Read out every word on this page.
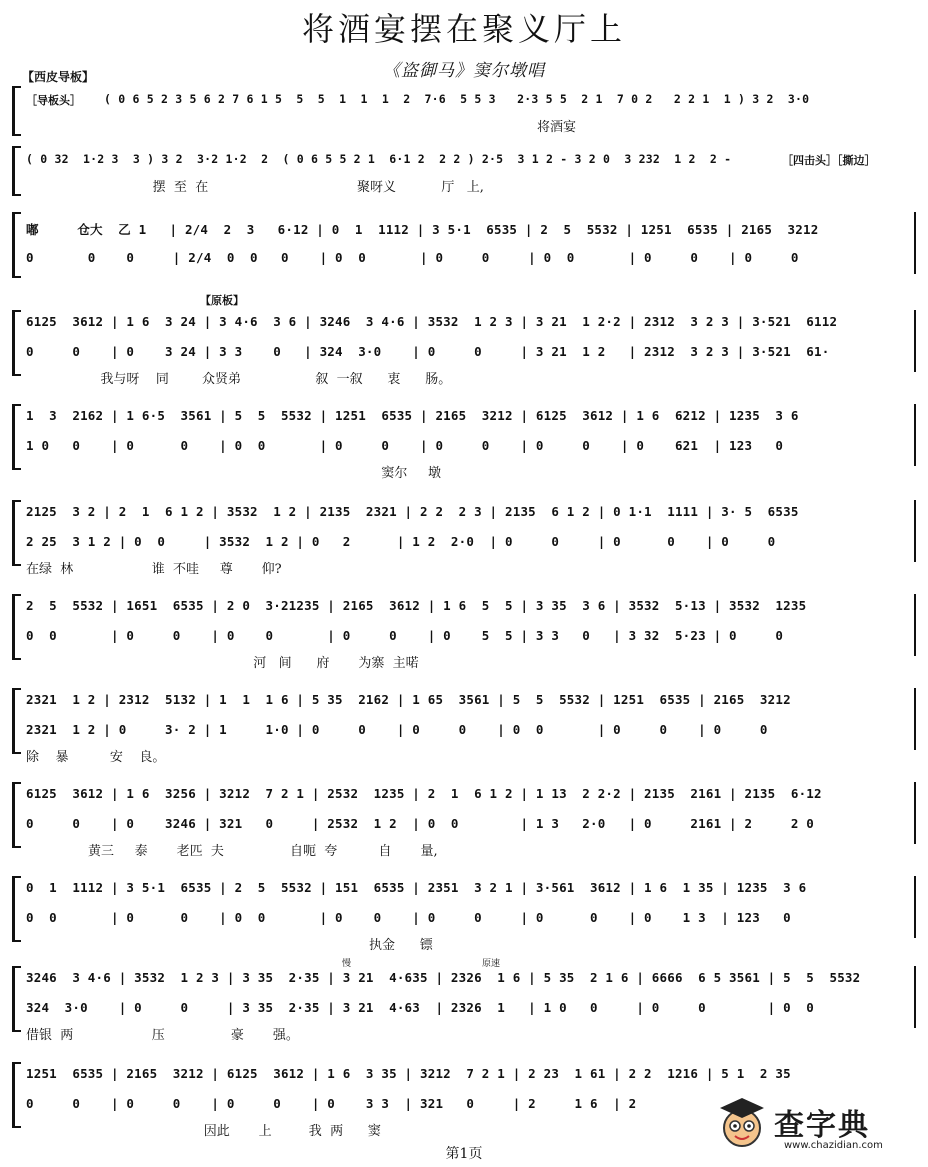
将酒宴摆在聚义厅上
《盗御马》窦尔墩唱
【西皮导板】
［导板头］ ( 0 6 5 2 3 5 6 2 7 6 1 5  5  5  1  1  1  2  7·6  5 5 3   2·3 5 5  2 1  7 0 2   2 2 1  1 ) 3 2  3·0
将酒宴
( 0 32  1·2 3  3 ) 3 2  3·2 1·2  2  ( 0 6 5 5 2 1  6·1 2  2 2 ) 2·5  3 1 2 - 3 2 0  3 232  1 2  2 -	［四击头］［撕边］
摆  至  在                                    聚呀义           厅   上,
嘟     仓大  乙 1   | 2/4  2  3   6·12 | 0  1  1112 | 3 5·1  6535 | 2  5  5532 | 1251  6535 | 2165  3212
0       0    0     | 2/4  0  0   0    | 0  0       | 0     0     | 0  0       | 0     0    | 0     0
【原板】
6125  3612 | 1 6  3 24 | 3 4·6  3 6 | 3246  3 4·6 | 3532  1 2 3 | 3 21  1 2·2 | 2312  3 2 3 | 3·521  6112
0     0    | 0    3 24 | 3 3    0   | 324  3·0    | 0     0     | 3 21  1 2   | 2312  3 2 3 | 3·521  61·
我与呀    同        众贤弟                  叙  一叙      衷      肠。
1  3  2162 | 1 6·5  3561 | 5  5  5532 | 1251  6535 | 2165  3212 | 6125  3612 | 1 6  6212 | 1235  3 6
1 0   0    | 0      0    | 0  0       | 0     0    | 0     0    | 0     0    | 0    621  | 123   0
窦尔     墩
2125  3 2 | 2  1  6 1 2 | 3532  1 2 | 2135  2321 | 2 2  2 3 | 2135  6 1 2 | 0 1·1  1111 | 3· 5  6535
2 25  3 1 2 | 0  0     | 3532  1 2 | 0   2      | 1 2  2·0  | 0     0     | 0      0    | 0     0
在绿  林                   谁  不哇     尊       仰?
2  5  5532 | 1651  6535 | 2 0  3·21235 | 2165  3612 | 1 6  5  5 | 3 35  3 6 | 3532  5·13 | 3532  1235
0  0       | 0     0    | 0    0       | 0     0    | 0    5  5 | 3 3   0   | 3 32  5·23 | 0     0
河   间      府       为寨  主喏
2321  1 2 | 2312  5132 | 1  1  1 6 | 5 35  2162 | 1 65  3561 | 5  5  5532 | 1251  6535 | 2165  3212
2321  1 2 | 0     3· 2 | 1     1·0 | 0     0    | 0     0    | 0  0       | 0     0    | 0     0
除    暴          安    良。
6125  3612 | 1 6  3256 | 3212  7 2 1 | 2532  1235 | 2  1  6 1 2 | 1 13  2 2·2 | 2135  2161 | 2135  6·12
0     0    | 0    3246 | 321   0     | 2532  1 2  | 0  0        | 1 3   2·0   | 0     2161 | 2     2 0
黄三     泰       老匹  夫                自呃  夸          自       量,
0  1  1112 | 3 5·1  6535 | 2  5  5532 | 151  6535 | 2351  3 2 1 | 3·561  3612 | 1 6  1 35 | 1235  3 6
0  0       | 0      0    | 0  0       | 0    0    | 0     0     | 0      0    | 0    1 3  | 123   0
执金      镖
慢	原速
3246  3 4·6 | 3532  1 2 3 | 3 35  2·35 | 3 21  4·635 | 2326  1 6 | 5 35  2 1 6 | 6666  6 5 3561 | 5  5  5532
324  3·0    | 0     0     | 3 35  2·35 | 3 21  4·63  | 2326  1   | 1 0   0     | 0     0        | 0  0
借银  两                   压                豪       强。
1251  6535 | 2165  3212 | 6125  3612 | 1 6  3 35 | 3212  7 2 1 | 2 23  1 61 | 2 2  1216 | 5 1  2 35
0     0    | 0     0    | 0     0    | 0    3 3  | 321   0     | 2     1 6  | 2
因此       上         我  两      窦
第1页
查字典
www.chazidian.com
